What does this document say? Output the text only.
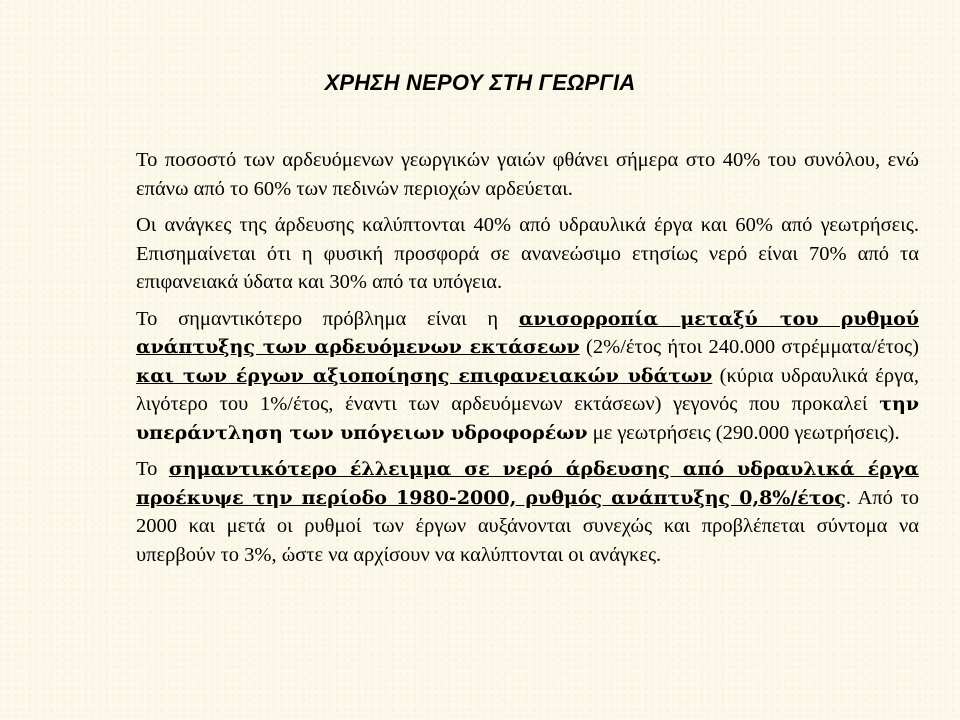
ΧΡΗΣΗ ΝΕΡΟΥ ΣΤΗ ΓΕΩΡΓΙΑ

Το ποσοστό των αρδευόμενων γεωργικών γαιών φθάνει σήμερα στο 40% του συνόλου, ενώ επάνω από το 60% των πεδινών περιοχών αρδεύεται.

Οι ανάγκες της άρδευσης καλύπτονται 40% από υδραυλικά έργα και 60% από γεωτρήσεις. Επισημαίνεται ότι η φυσική προσφορά σε ανανεώσιμο ετησίως νερό είναι 70% από τα επιφανειακά ύδατα και 30% από τα υπόγεια.

Το σημαντικότερο πρόβλημα είναι η ανισορροπία μεταξύ του ρυθμού ανάπτυξης των αρδευόμενων εκτάσεων (2%/έτος ήτοι 240.000 στρέμματα/έτος) και των έργων αξιοποίησης επιφανειακών υδάτων (κύρια υδραυλικά έργα, λιγότερο του 1%/έτος, έναντι των αρδευόμενων εκτάσεων) γεγονός που προκαλεί την υπεράντληση των υπόγειων υδροφορέων με γεωτρήσεις (290.000 γεωτρήσεις).

Το σημαντικότερο έλλειμμα σε νερό άρδευσης από υδραυλικά έργα προέκυψε την περίοδο 1980-2000, ρυθμός ανάπτυξης 0,8%/έτος. Από το 2000 και μετά οι ρυθμοί των έργων αυξάνονται συνεχώς και προβλέπεται σύντομα να υπερβούν το 3%, ώστε να αρχίσουν να καλύπτονται οι ανάγκες.
